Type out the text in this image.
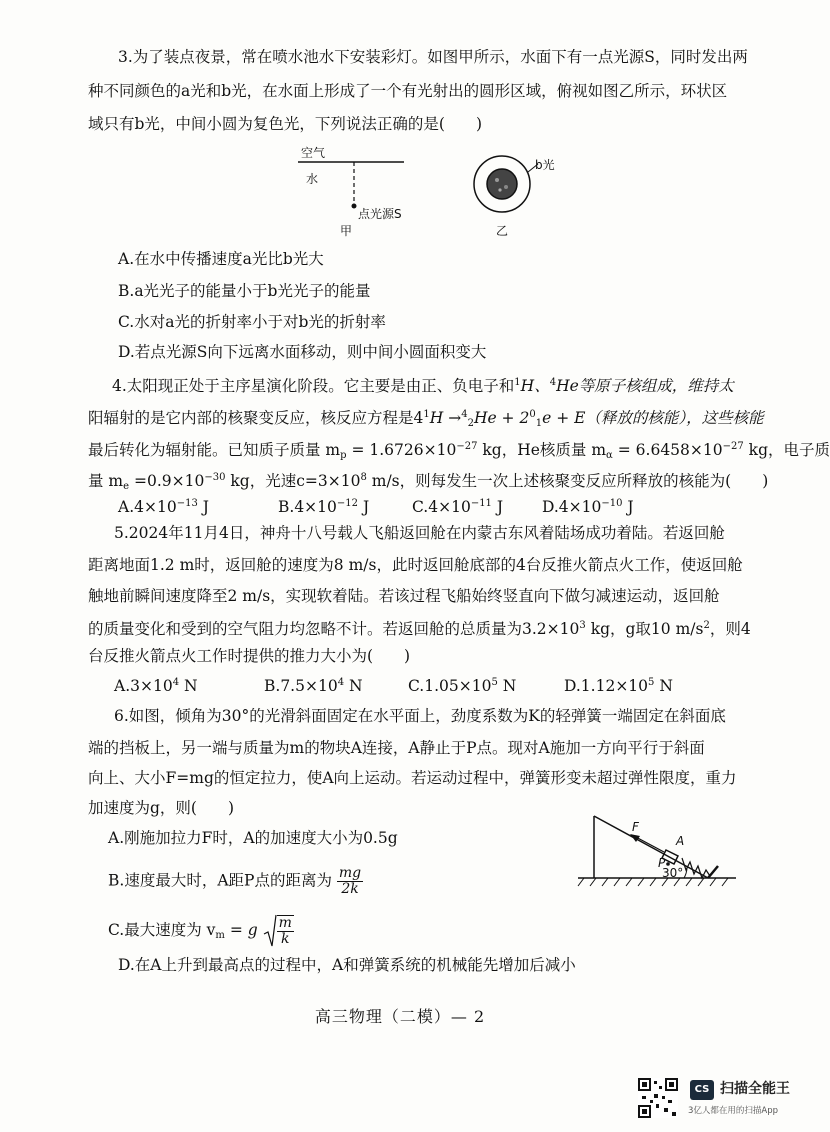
3.为了装点夜景，常在喷水池水下安装彩灯。如图甲所示，水面下有一点光源S，同时发出两
种不同颜色的a光和b光，在水面上形成了一个有光射出的圆形区域，俯视如图乙所示，环状区
域只有b光，中间小圆为复色光，下列说法正确的是(　　)
空气
水
点光源S
甲
b光
乙
A.在水中传播速度a光比b光大
B.a光光子的能量小于b光光子的能量
C.水对a光的折射率小于对b光的折射率
D.若点光源S向下远离水面移动，则中间小圆面积变大
4.太阳现正处于主序星演化阶段。它主要是由正、负电子和$^1$H、$^4$He等原子核组成，维持太
阳辐射的是它内部的核聚变反应，核反应方程是$4^1H \to^4_2He + 2^0_1e + E$（释放的核能），这些核能
最后转化为辐射能。已知质子质量 $m_p = 1.6726\times 10^{-27}$ kg，He核质量 $m_\alpha = 6.6458\times 10^{-27}$ kg，电子质
量 $m_e =0.9\times 10^{-30}$ kg，光速$c=3\times 10^8$ m/s，则每发生一次上述核聚变反应所释放的核能为(　　)
$A.4\times 10^{-13}$ J	$B.4\times 10^{-12}$ J	$C.4\times 10^{-11}$ J	$D.4\times 10^{-10}$ J
5.2024年11月4日，神舟十八号载人飞船返回舱在内蒙古东风着陆场成功着陆。若返回舱
距离地面1.2 m时，返回舱的速度为8 m/s，此时返回舱底部的4台反推火箭点火工作，使返回舱
触地前瞬间速度降至2 m/s，实现软着陆。若该过程飞船始终竖直向下做匀减速运动，返回舱
的质量变化和受到的空气阻力均忽略不计。若返回舱的总质量为$3.2\times 10^3$ kg，g取10 $m/s^2$，则4
台反推火箭点火工作时提供的推力大小为(　　)
$A.3\times 10^4$ N	$B.7.5\times 10^4$ N	$C.1.05\times 10^5$ N	$D.1.12\times 10^5$ N
6.如图，倾角为30°的光滑斜面固定在水平面上，劲度系数为K的轻弹簧一端固定在斜面底
端的挡板上，另一端与质量为m的物块A连接，A静止于P点。现对A施加一方向平行于斜面
向上、大小F=mg的恒定拉力，使A向上运动。若运动过程中，弹簧形变未超过弹性限度，重力
加速度为g，则(　　)
A.刚施加拉力F时，A的加速度大小为0.5g
B.速度最大时，A距P点的距离为 $\frac{mg}{2k}$
C.最大速度为 $v_m = g \frac{m}{k}$
D.在A上升到最高点的过程中，A和弹簧系统的机械能先增加后减小
F
A
P
30°
高三物理（二模）— 2
CS 扫描全能王
3亿人都在用的扫描App
